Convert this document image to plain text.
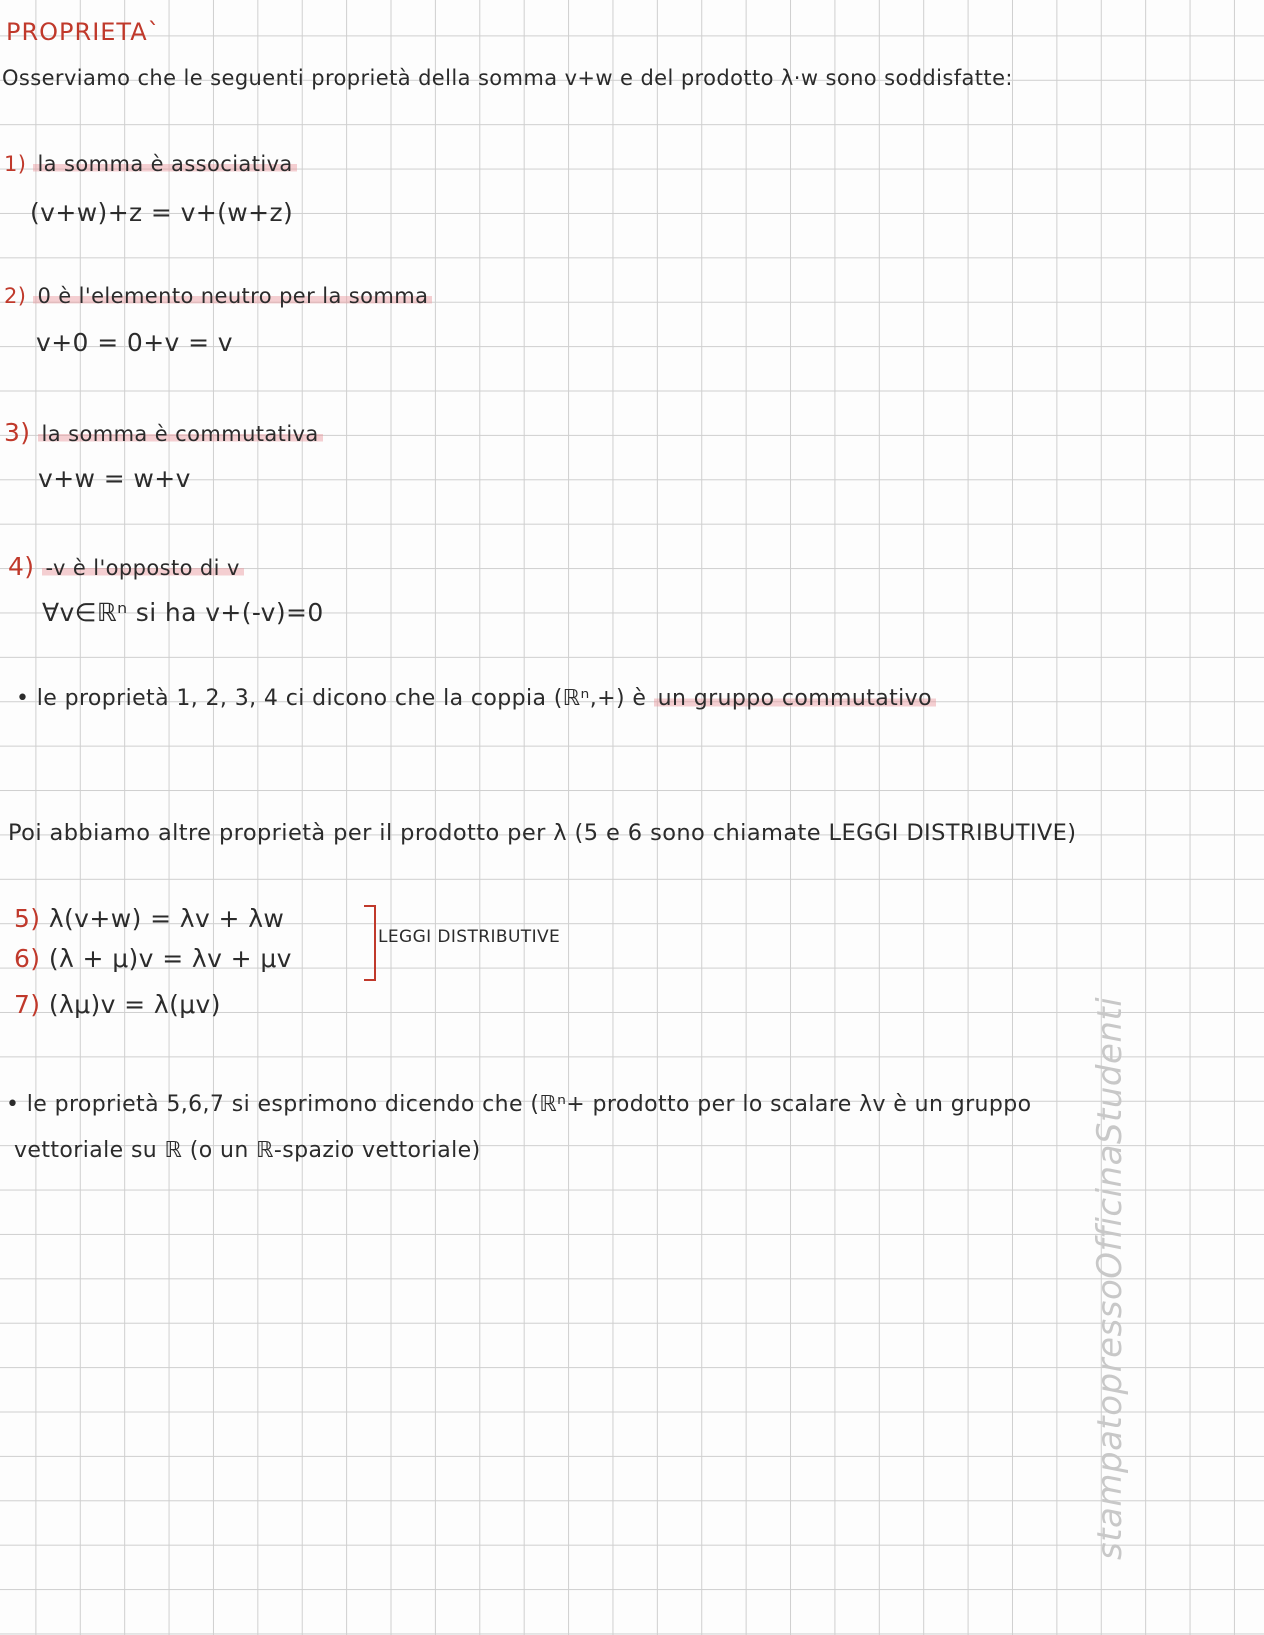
PROPRIETA`
Osserviamo che le seguenti proprietà della somma v+w e del prodotto λ·w sono soddisfatte:
1) la somma è associativa
(v+w)+z = v+(w+z)
2) 0 è l'elemento neutro per la somma
v+0 = 0+v = v
3) la somma è commutativa
v+w = w+v
4) -v è l'opposto di v
∀v∈ℝⁿ si ha v+(-v)=0
• le proprietà 1, 2, 3, 4 ci dicono che la coppia (ℝⁿ,+) è un gruppo commutativo
Poi abbiamo altre proprietà per il prodotto per λ (5 e 6 sono chiamate LEGGI DISTRIBUTIVE)
5) λ(v+w) = λv + λw
6) (λ + μ)v = λv + μv
7) (λμ)v = λ(μv)
LEGGI DISTRIBUTIVE
• le proprietà 5,6,7 si esprimono dicendo che (ℝⁿ+ prodotto per lo scalare λv è un gruppo
vettoriale su ℝ (o un ℝ-spazio vettoriale)	stampatopressoOfficinaStudenti
